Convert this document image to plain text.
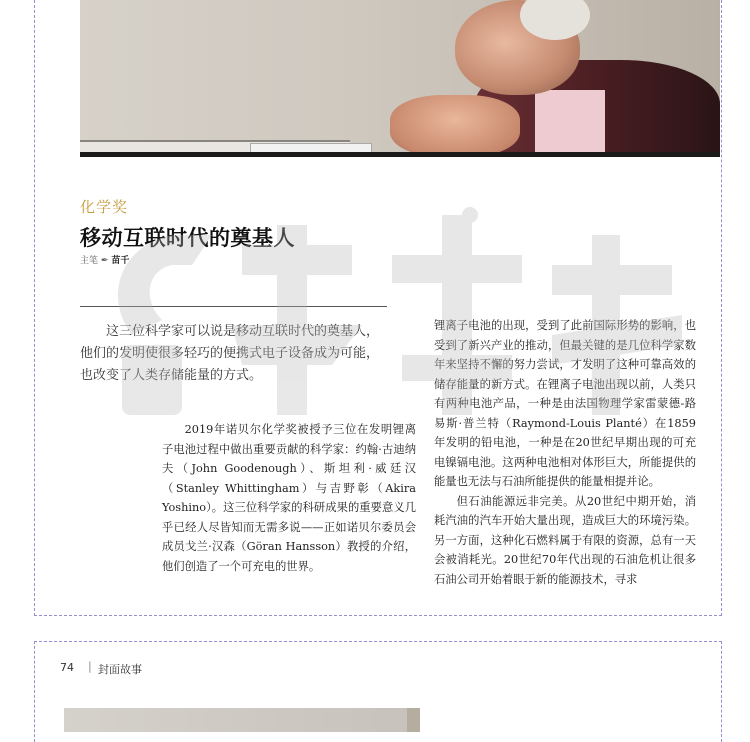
化学奖
移动互联时代的奠基人
主笔 ✒ 苗千
这三位科学家可以说是移动互联时代的奠基人，他们的发明使很多轻巧的便携式电子设备成为可能，也改变了人类存储能量的方式。
2019年诺贝尔化学奖被授予三位在发明锂离子电池过程中做出重要贡献的科学家：约翰·古迪纳夫（John Goodenough）、斯坦利·威廷汉（Stanley Whittingham）与吉野彰（Akira Yoshino）。这三位科学家的科研成果的重要意义几乎已经人尽皆知而无需多说——正如诺贝尔委员会成员戈兰·汉森（Göran Hansson）教授的介绍，他们创造了一个可充电的世界。

锂离子电池的出现，受到了此前国际形势的影响，也受到了新兴产业的推动，但最关键的是几位科学家数年来坚持不懈的努力尝试，才发明了这种可靠高效的储存能量的新方式。在锂离子电池出现以前，人类只有两种电池产品，一种是由法国物理学家雷蒙德-路易斯·普兰特（Raymond-Louis Planté）在1859年发明的铅电池，一种是在20世纪早期出现的可充电镍镉电池。这两种电池相对体形巨大，所能提供的能量也无法与石油所能提供的能量相提并论。

但石油能源远非完美。从20世纪中期开始，消耗汽油的汽车开始大量出现，造成巨大的环境污染。另一方面，这种化石燃料属于有限的资源，总有一天会被消耗光。20世纪70年代出现的石油危机让很多石油公司开始着眼于新的能源技术，寻求

74 | 封面故事
